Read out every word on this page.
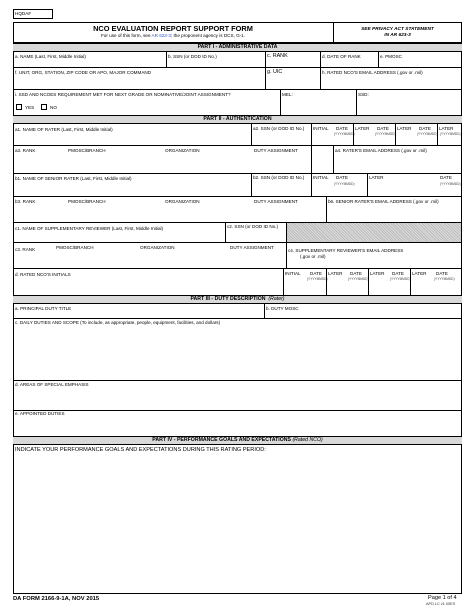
HQDA#
NCO EVALUATION REPORT SUPPORT FORM
For use of this form, see AR 623-3; the proponent agency is DCS, G-1.
SEE PRIVACY ACT STATEMENT
IN AR 623-3
PART I - ADMINISTRATIVE DATA
a. NAME (Last, First, Middle Initial)	b. SSN (or DOD ID No.)	c. RANK	d. DATE OF RANK	e. PMOSC
f. UNIT, ORG, STATION, ZIP CODE OR APO, MAJOR COMMAND	g. UIC	h. RATED NCO'S EMAIL ADDRESS (.gov or .mil)
i. SSD AND NCOES REQUIREMENT MET FOR NEXT GRADE OR NOMINATIVE/JOINT ASSIGNMENT?	MEL:	SSD:
YES	NO
PART II - AUTHENTICATION
a1. NAME OF RATER (Last, First, Middle Initial)	a2. SSN (or DOD ID No.) INITIAL DATE
(YYYYMMDD)
LATER DATE
(YYYYMMDD)
LATER DATE
(YYYYMMDD)
LATER
(YYYYMMDD)
a3. RANK	PMOSC/BRANCH	ORGANIZATION	DUTY ASSIGNMENT	a4. RATER'S EMAIL ADDRESS (.gov or .mil)
b1. NAME OF SENIOR RATER (Last, First, Middle Initial)	b2. SSN (or DOD ID No.) INITIAL DATE
(YYYYMMDD)
LATER	DATE
(YYYYMMDD)
b3. RANK	PMOSC/BRANCH	ORGANIZATION	DUTY ASSIGNMENT	b6. SENIOR RATER'S EMAIL ADDRESS (.gov or .mil)
c1. NAME OF SUPPLEMENTARY REVIEWER (Last, First, Middle Initial)	c2. SSN (or DOD ID No.)
c3. RANK	PMOSC/BRANCH	ORGANIZATION	DUTY ASSIGNMENT
c4. SUPPLEMENTARY REVIEWER'S EMAIL ADDRESS
(.gov or .mil)
d. RATED NCO'S INITIALS	INITIAL DATE
(YYYYMMDD)
LATER DATE
(YYYYMMDD)
LATER DATE
(YYYYMMDD)
LATER DATE
(YYYYMMDD)
PART III - DUTY DESCRIPTION (Rater)
a. PRINCIPAL DUTY TITLE	b. DUTY MOSC
c. DAILY DUTIES AND SCOPE (To include, as appropriate, people, equipment, facilities, and dollars)
d. AREAS OF SPECIAL EMPHASIS
e. APPOINTED DUTIES
PART IV - PERFORMANCE GOALS AND EXPECTATIONS (Rated NCO)
INDICATE YOUR PERFORMANCE GOALS AND EXPECTATIONS DURING THIS RATING PERIOD:
DA FORM 2166-9-1A, NOV 2015	Page 1 of 4
APD LC v1.00ES
